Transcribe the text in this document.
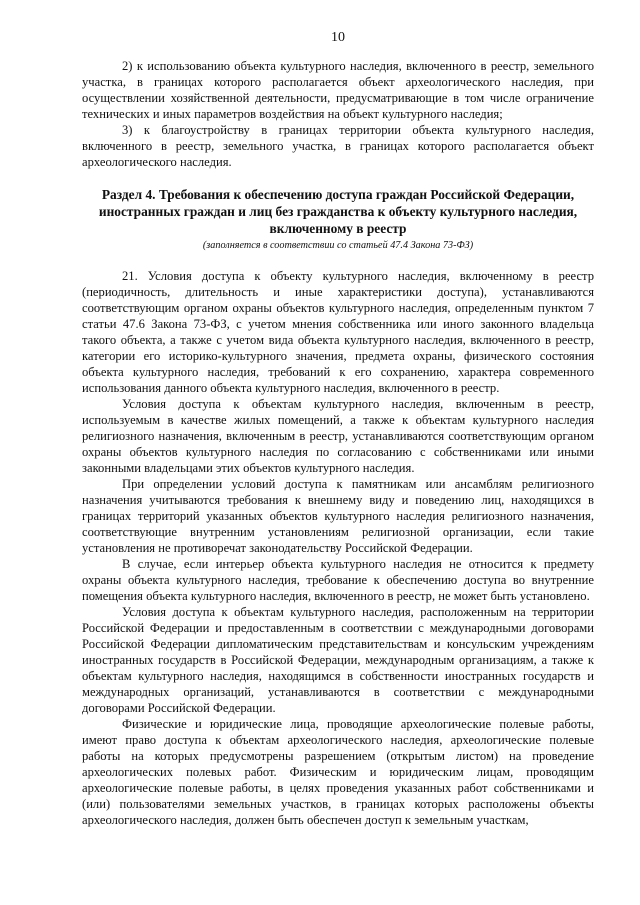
10

2) к использованию объекта культурного наследия, включенного в реестр, земельного участка, в границах которого располагается объект археологического наследия, при осуществлении хозяйственной деятельности, предусматривающие в том числе ограничение технических и иных параметров воздействия на объект культурного наследия;

3) к благоустройству в границах территории объекта культурного наследия, включенного в реестр, земельного участка, в границах которого располагается объект археологического наследия.

Раздел 4. Требования к обеспечению доступа граждан Российской Федерации, иностранных граждан и лиц без гражданства к объекту культурного наследия, включенному в реестр
(заполняется в соответствии со статьей 47.4 Закона 73-ФЗ)

21. Условия доступа к объекту культурного наследия, включенному в реестр (периодичность, длительность и иные характеристики доступа), устанавливаются соответствующим органом охраны объектов культурного наследия, определенным пунктом 7 статьи 47.6 Закона 73-ФЗ, с учетом мнения собственника или иного законного владельца такого объекта, а также с учетом вида объекта культурного наследия, включенного в реестр, категории его историко-культурного значения, предмета охраны, физического состояния объекта культурного наследия, требований к его сохранению, характера современного использования данного объекта культурного наследия, включенного в реестр.

Условия доступа к объектам культурного наследия, включенным в реестр, используемым в качестве жилых помещений, а также к объектам культурного наследия религиозного назначения, включенным в реестр, устанавливаются соответствующим органом охраны объектов культурного наследия по согласованию с собственниками или иными законными владельцами этих объектов культурного наследия.

При определении условий доступа к памятникам или ансамблям религиозного назначения учитываются требования к внешнему виду и поведению лиц, находящихся в границах территорий указанных объектов культурного наследия религиозного назначения, соответствующие внутренним установлениям религиозной организации, если такие установления не противоречат законодательству Российской Федерации.

В случае, если интерьер объекта культурного наследия не относится к предмету охраны объекта культурного наследия, требование к обеспечению доступа во внутренние помещения объекта культурного наследия, включенного в реестр, не может быть установлено.

Условия доступа к объектам культурного наследия, расположенным на территории Российской Федерации и предоставленным в соответствии с международными договорами Российской Федерации дипломатическим представительствам и консульским учреждениям иностранных государств в Российской Федерации, международным организациям, а также к объектам культурного наследия, находящимся в собственности иностранных государств и международных организаций, устанавливаются в соответствии с международными договорами Российской Федерации.

Физические и юридические лица, проводящие археологические полевые работы, имеют право доступа к объектам археологического наследия, археологические полевые работы на которых предусмотрены разрешением (открытым листом) на проведение археологических полевых работ. Физическим и юридическим лицам, проводящим археологические полевые работы, в целях проведения указанных работ собственниками и (или) пользователями земельных участков, в границах которых расположены объекты археологического наследия, должен быть обеспечен доступ к земельным участкам,
